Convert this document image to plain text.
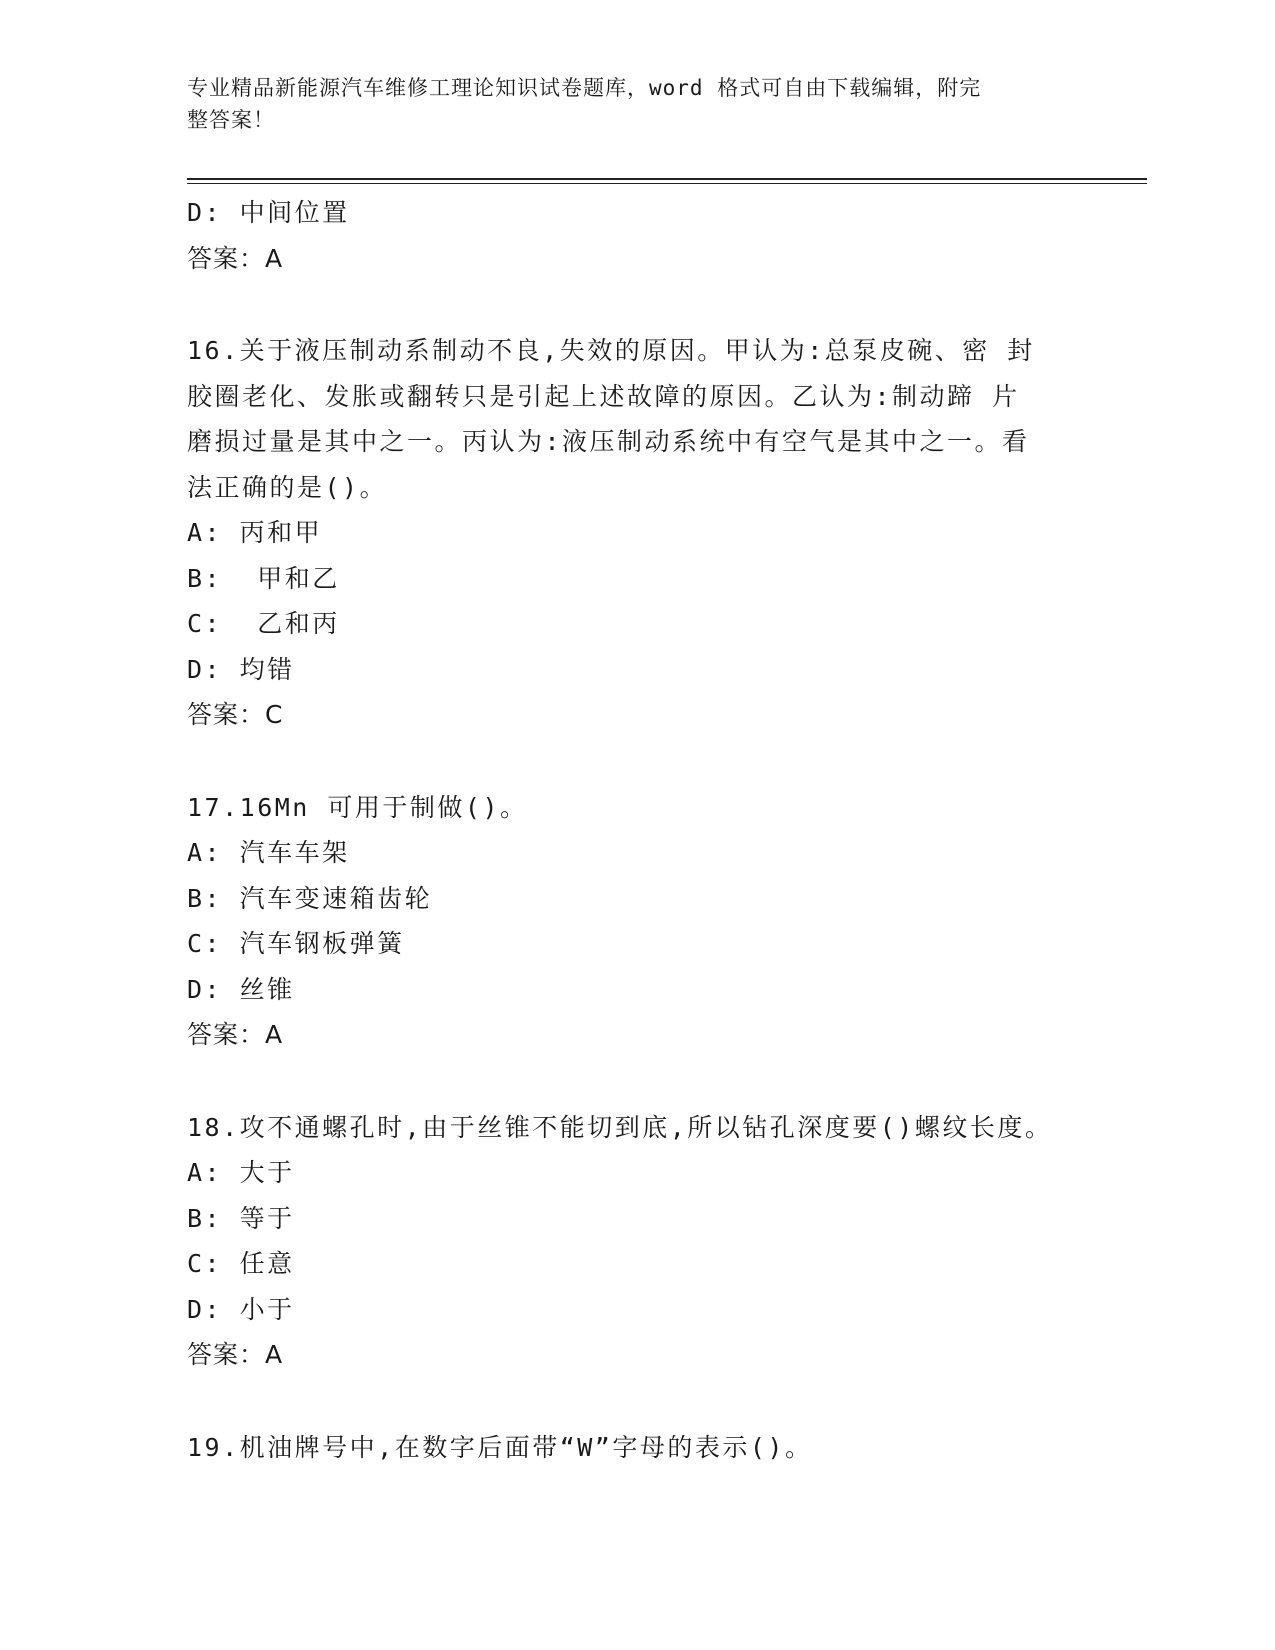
专业精品新能源汽车维修工理论知识试卷题库，word 格式可自由下载编辑，附完
整答案！
D: 中间位置
答案：A
16.关于液压制动系制动不良,失效的原因。甲认为:总泵皮碗、密 封
胶圈老化、发胀或翻转只是引起上述故障的原因。乙认为:制动蹄 片
磨损过量是其中之一。丙认为:液压制动系统中有空气是其中之一。看
法正确的是()。
A: 丙和甲
B:  甲和乙
C:  乙和丙
D: 均错
答案：C
17.16Mn 可用于制做()。
A: 汽车车架
B: 汽车变速箱齿轮
C: 汽车钢板弹簧
D: 丝锥
答案：A
18.攻不通螺孔时,由于丝锥不能切到底,所以钻孔深度要()螺纹长度。
A: 大于
B: 等于
C: 任意
D: 小于
答案：A
19.机油牌号中,在数字后面带“W”字母的表示()。
